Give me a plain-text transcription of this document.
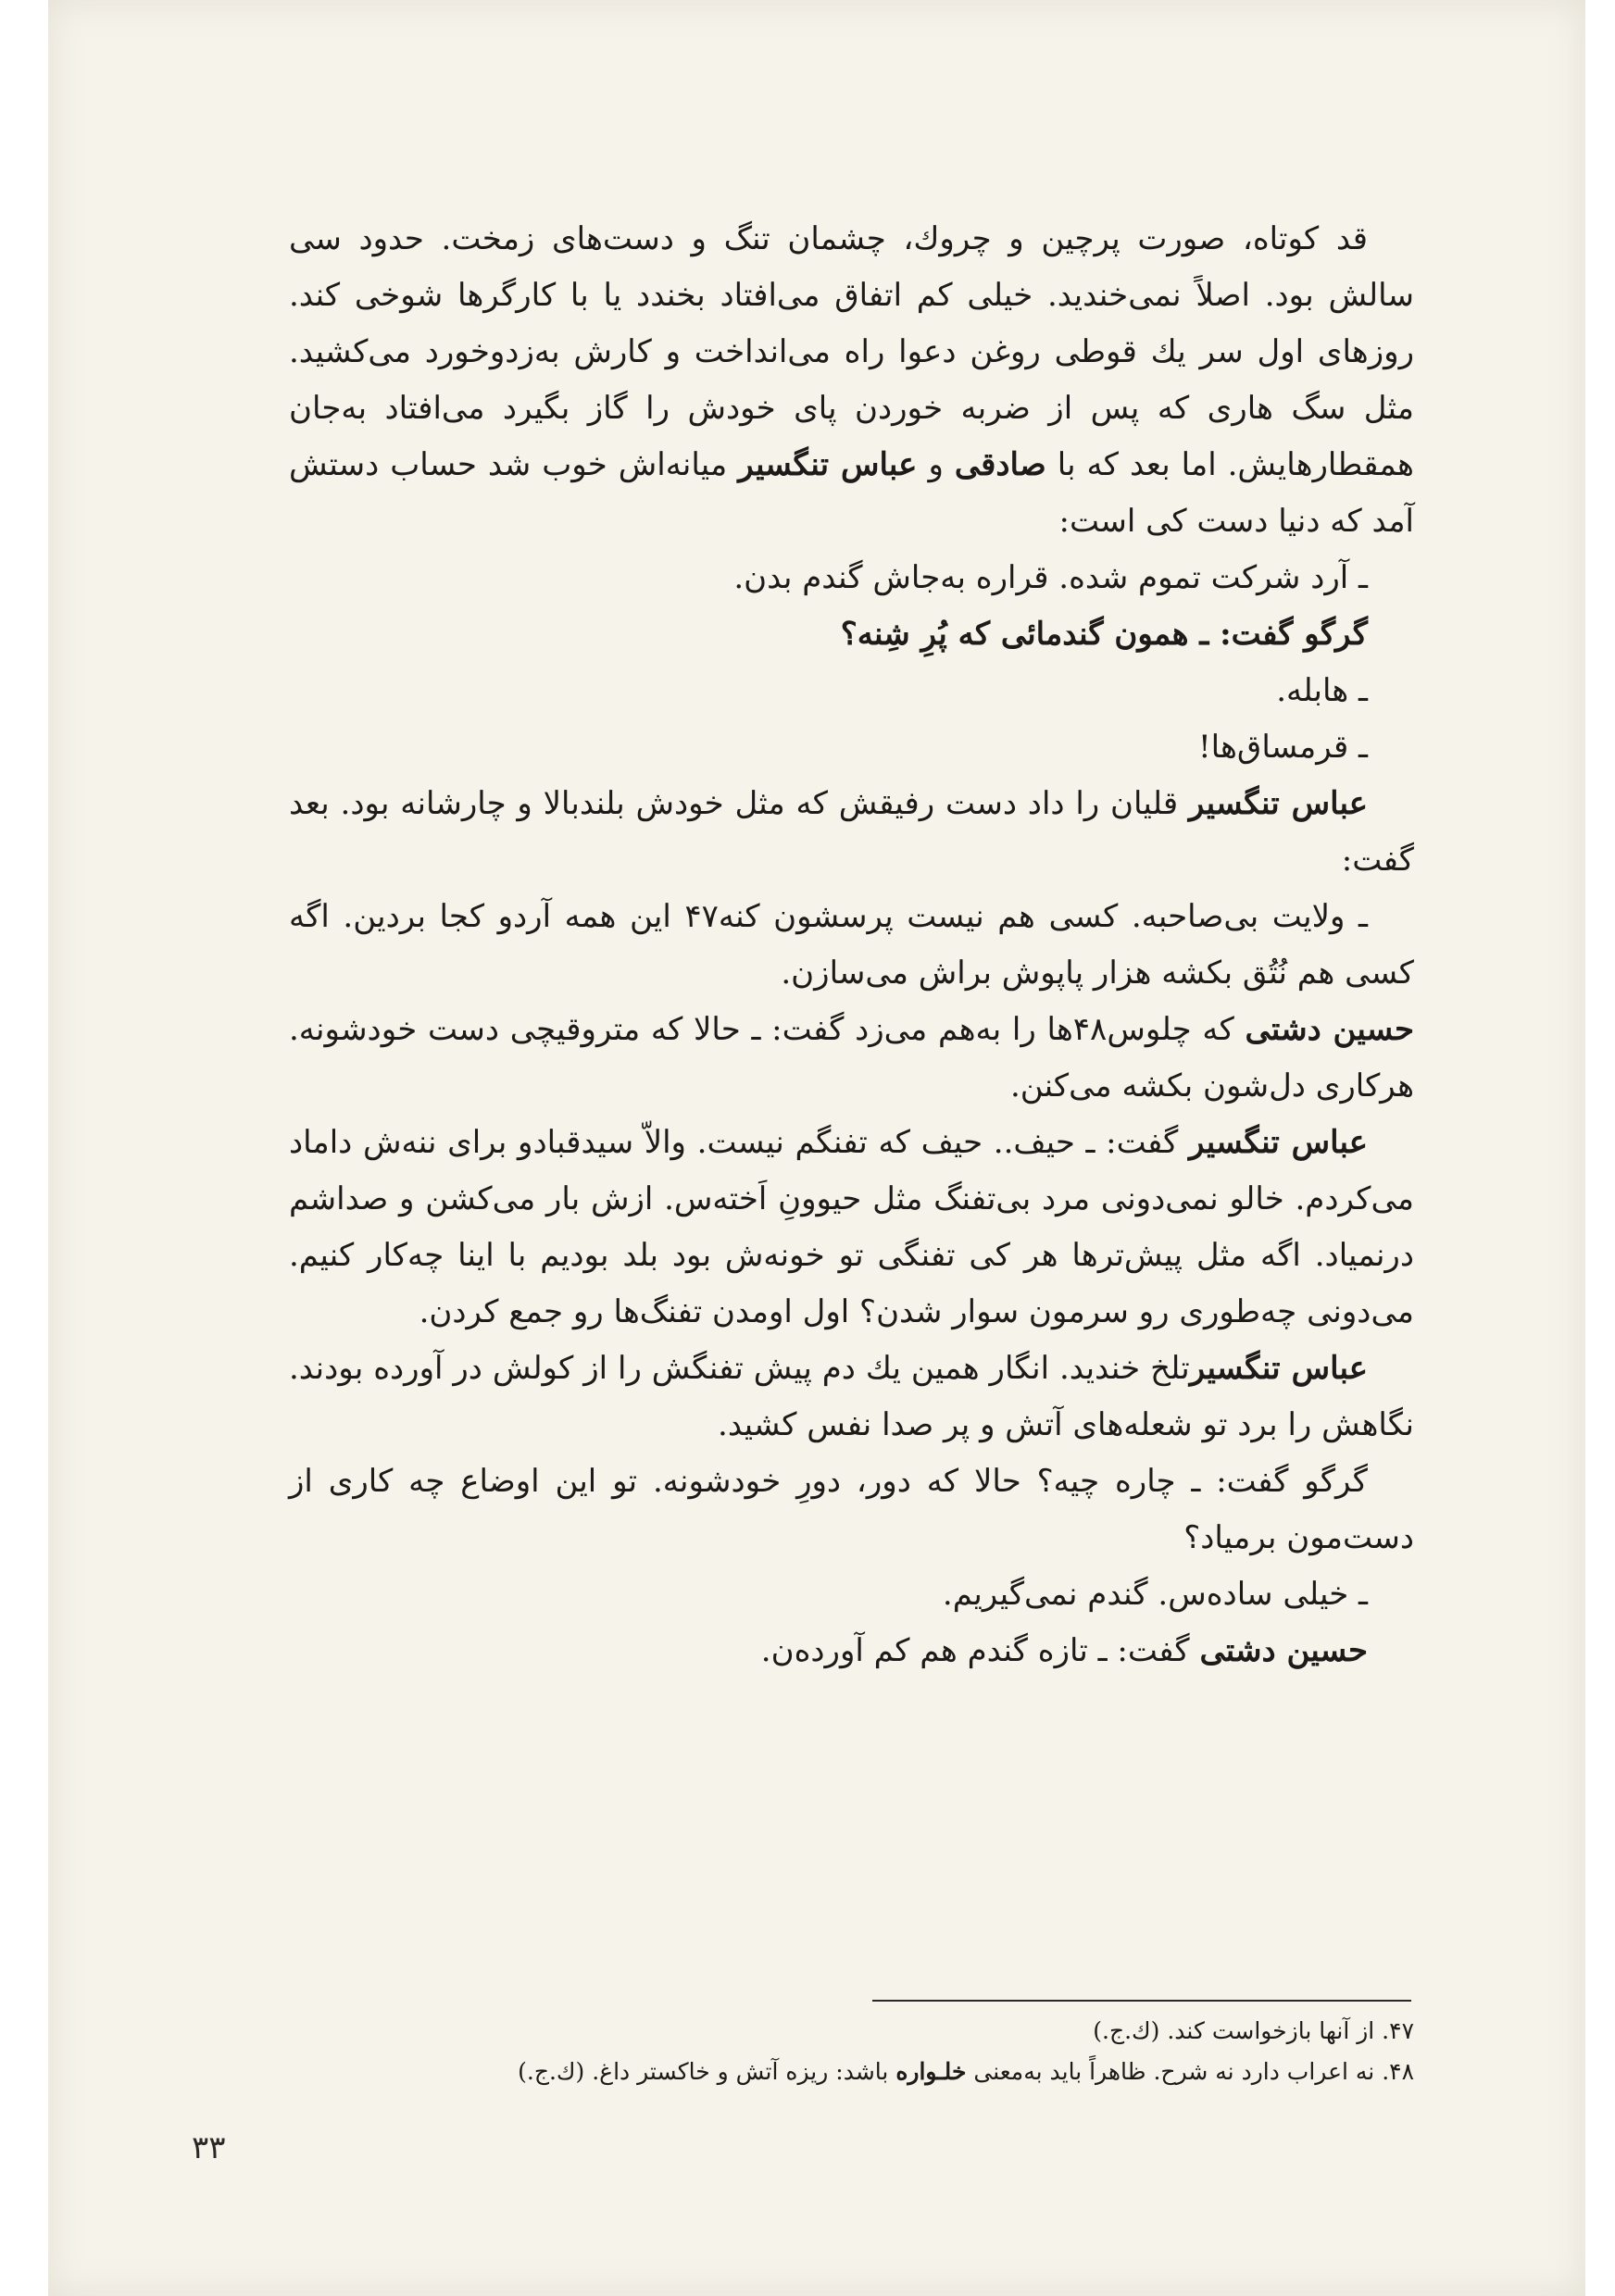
قد کوتاه، صورت پرچین و چروك، چشمان تنگ و دست‌های زمخت. حدود سی سالش بود. اصلاً نمی‌خندید. خیلی کم اتفاق می‌افتاد بخندد یا با کارگرها شوخی کند. روزهای اول سر یك قوطی روغن دعوا راه می‌انداخت و کارش به‌زدوخورد می‌کشید. مثل سگ هاری که پس از ضربه خوردن پای خودش را گاز بگیرد می‌افتاد به‌جان همقطارهایش. اما بعد که با صادقی و عباس تنگسیر میانه‌اش خوب شد حساب دستش آمد که دنیا دست کی است:

ـ آرد شرکت تموم شده. قراره به‌جاش گندم بدن.

گرگو گفت: ـ همون گندمائی که پُرِ شِنه؟

ـ هابله.

ـ قرمساق‌ها!

عباس تنگسیر قلیان را داد دست رفیقش که مثل خودش بلندبالا و چارشانه بود. بعد گفت:

ـ ولایت بی‌صاحبه. کسی هم نیست پرسشون کنه۴۷ این همه آردو کجا بردین. اگه کسی هم نُتُق بکشه هزار پاپوش براش می‌سازن.

حسین دشتی که چلوس۴۸ها را به‌هم می‌زد گفت: ـ حالا که متروقیچی دست خودشونه. هرکاری دل‌شون بکشه می‌کنن.

عباس تنگسیر گفت: ـ حیف.. حیف که تفنگم نیست. والاّ سیدقبادو برای ننه‌ش داماد می‌کردم. خالو نمی‌دونی مرد بی‌تفنگ مثل حیوونِ اَخته‌س. ازش بار می‌کشن و صداشم درنمیاد. اگه مثل پیش‌ترها هر کی تفنگی تو خونه‌ش بود بلد بودیم با اینا چه‌کار کنیم. می‌دونی چه‌طوری رو سرمون سوار شدن؟ اول اومدن تفنگ‌ها رو جمع کردن.

عباس تنگسیرتلخ خندید. انگار همین یك دم پیش تفنگش را از کولش در آورده بودند. نگاهش را برد تو شعله‌های آتش و پر صدا نفس کشید.

گرگو گفت: ـ چاره چیه؟ حالا که دور، دورِ خودشونه. تو این اوضاع چه کاری از دست‌مون برمیاد؟

ـ خیلی ساده‌س. گندم نمی‌گیریم.

حسین دشتی گفت: ـ تازه گندم هم کم آورده‌ن.

۴۷. از آنها بازخواست کند. (ك.ج.)

۴۸. نه اعراب دارد نه شرح. ظاهراً باید به‌معنی خلـواره باشد: ریزه آتش و خاکستر داغ. (ك.ج.)

۳۳
